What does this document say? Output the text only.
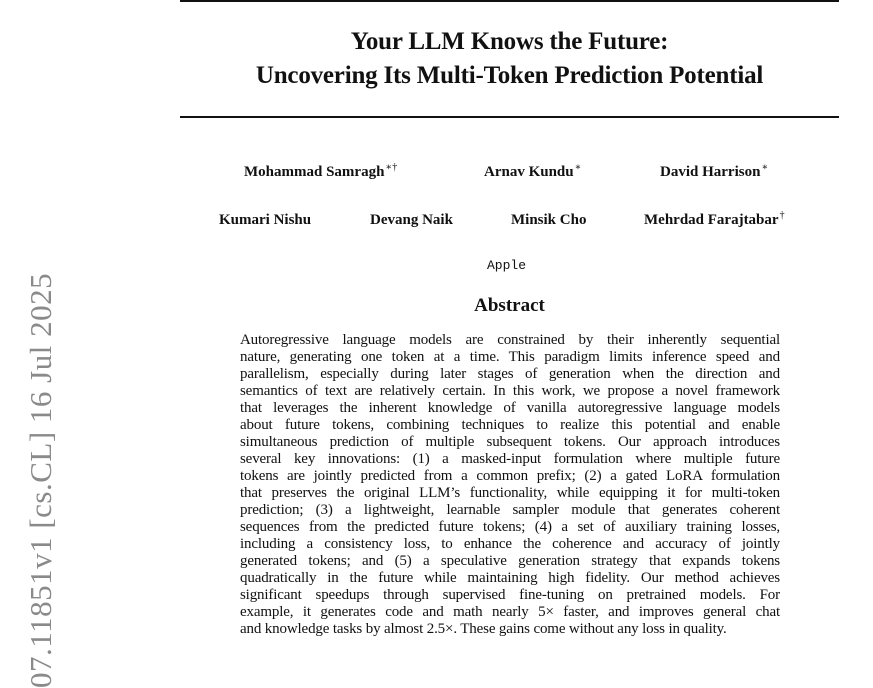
Your LLM Knows the Future:
Uncovering Its Multi-Token Prediction Potential
Mohammad Samragh∗†	Arnav Kundu∗	David Harrison∗
Kumari Nishu	Devang Naik	Minsik Cho	Mehrdad Farajtabar†
Apple
Abstract
Autoregressive language models are constrained by their inherently sequential
nature, generating one token at a time. This paradigm limits inference speed and
parallelism, especially during later stages of generation when the direction and
semantics of text are relatively certain. In this work, we propose a novel framework
that leverages the inherent knowledge of vanilla autoregressive language models
about future tokens, combining techniques to realize this potential and enable
simultaneous prediction of multiple subsequent tokens. Our approach introduces
several key innovations: (1) a masked-input formulation where multiple future
tokens are jointly predicted from a common prefix; (2) a gated LoRA formulation
that preserves the original LLM’s functionality, while equipping it for multi-token
prediction; (3) a lightweight, learnable sampler module that generates coherent
sequences from the predicted future tokens; (4) a set of auxiliary training losses,
including a consistency loss, to enhance the coherence and accuracy of jointly
generated tokens; and (5) a speculative generation strategy that expands tokens
quadratically in the future while maintaining high fidelity. Our method achieves
significant speedups through supervised fine-tuning on pretrained models. For
example, it generates code and math nearly 5× faster, and improves general chat
and knowledge tasks by almost 2.5×. These gains come without any loss in quality.
07.11851v1 [cs.CL] 16 Jul 2025
